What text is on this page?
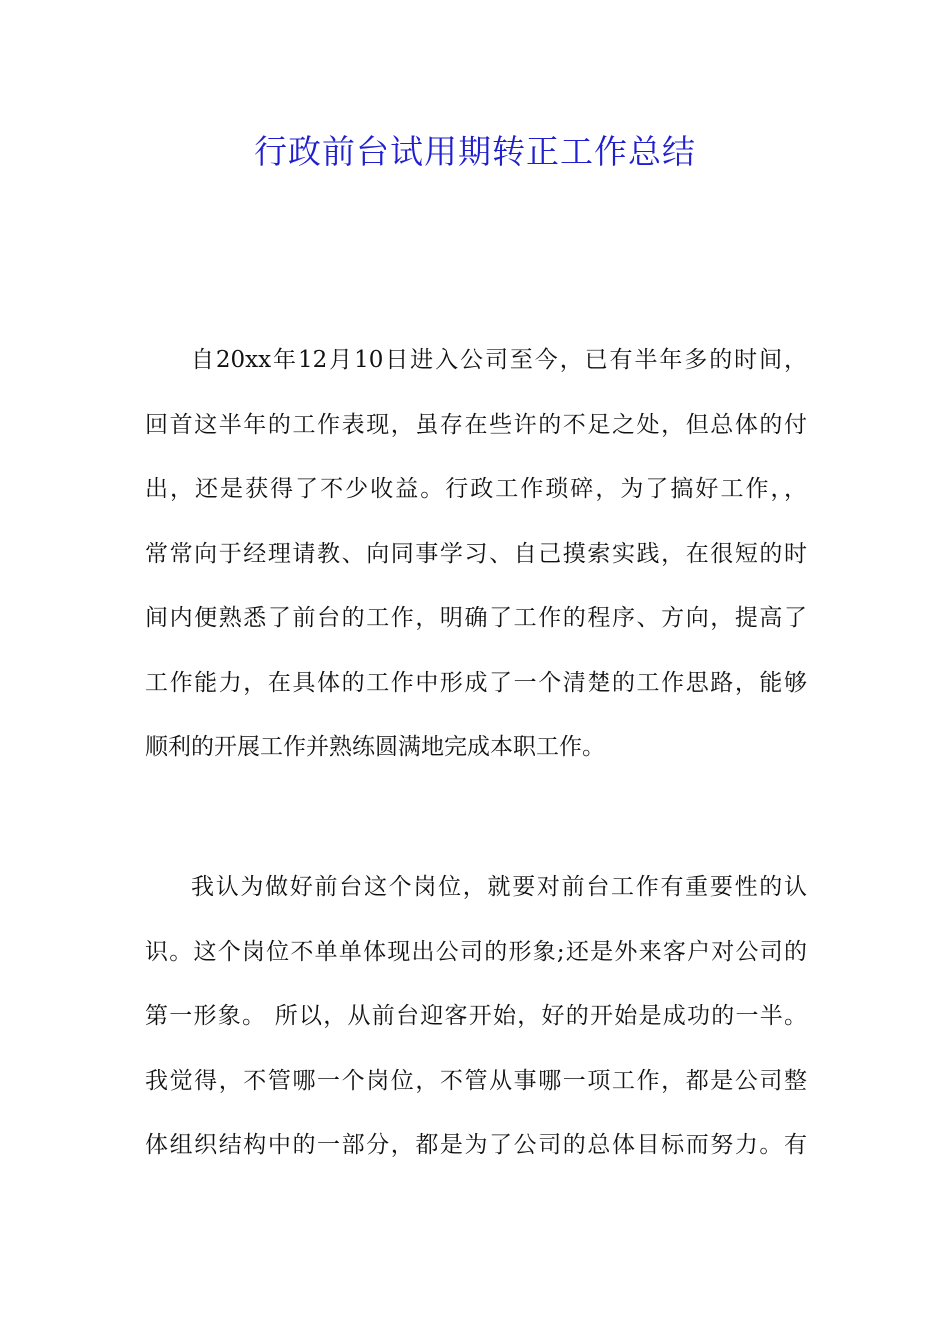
行政前台试用期转正工作总结
自20xx年12月10日进入公司至今，已有半年多的时间，
回首这半年的工作表现，虽存在些许的不足之处，但总体的付
出，还是获得了不少收益。行政工作琐碎，为了搞好工作，，
常常向于经理请教、向同事学习、自己摸索实践，在很短的时
间内便熟悉了前台的工作，明确了工作的程序、方向，提高了
工作能力，在具体的工作中形成了一个清楚的工作思路，能够
顺利的开展工作并熟练圆满地完成本职工作。
我认为做好前台这个岗位，就要对前台工作有重要性的认
识。这个岗位不单单体现出公司的形象;还是外来客户对公司的
第一形象。 所以，从前台迎客开始，好的开始是成功的一半。
我觉得，不管哪一个岗位，不管从事哪一项工作，都是公司整
体组织结构中的一部分，都是为了公司的总体目标而努力。有
